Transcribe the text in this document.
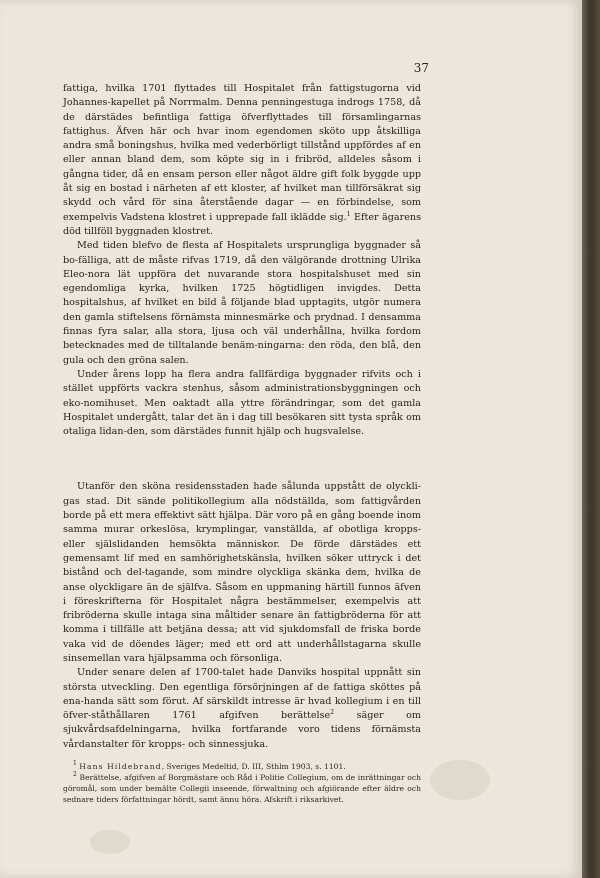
37

fattiga, hvilka 1701 flyttades till Hospitalet från fattigstugorna vid Johannes-kapellet på Norrmalm. Denna penningestuga indrogs 1758, då de därstädes befintliga fattiga öfverflyttades till församlingarnas fattighus. Äfven här och hvar inom egendomen sköto upp åtskilliga andra små boningshus, hvilka med vederbörligt tillstånd uppfördes af en eller annan bland dem, som köpte sig in i fribröd, alldeles såsom i gångna tider, då en ensam person eller något äldre gift folk byggde upp åt sig en bostad i närheten af ett kloster, af hvilket man tillförsäkrat sig skydd och vård för sina återstående dagar — en förbindelse, som exempelvis Vadstena klostret i upprepade fall ikläddе sig.$^1$ Efter ägarens död tillföll byggnaden klostret.

Med tiden blefvo de flesta af Hospitalets ursprungliga byggnader så bo-fälliga, att de måste rifvas 1719, då den välgörande drottning Ulrika Eleo-nora lät uppföra det nuvarande stora hospitalshuset med sin egendomliga kyrka, hvilken 1725 högtidligen invigdes. Detta hospitalshus, af hvilket en bild å följande blad upptagits, utgör numera den gamla stiftelsens förnämsta minnesmärke och prydnad. I densamma finnas fyra salar, alla stora, ljusa och väl underhållna, hvilka fordom betecknades med de tilltalande benäm-ningarna: den röda, den blå, den gula och den gröna salen.

Under årens lopp ha flera andra fallfärdiga byggnader rifvits och i stället uppförts vackra stenhus, såsom administrationsbyggningen och eko-nomihuset. Men oaktadt alla yttre förändringar, som det gamla Hospitalet undergått, talar det än i dag till besökaren sitt tysta språk om otaliga lidan-den, som därstädes funnit hjälp och hugsvalelse.

Utanför den sköna residensstaden hade sålunda uppstått de olyckli-gas stad. Dit sände politikollegium alla nödställda, som fattigvården borde på ett mera effektivt sätt hjälpa. Där voro på en gång boende inom samma murar orkeslösa, krymplingar, vanställda, af obotliga kropps- eller själslidanden hemsökta människor. De förde därstädes ett gemensamt lif med en samhörighetskänsla, hvilken söker uttryck i det bistånd och del-tagande, som mindre olyckliga skänka dem, hvilka de anse olyckligare än de själfva. Såsom en uppmaning härtill funnos äfven i föreskrifterna för Hospitalet några bestämmelser, exempelvis att fribröderna skulle intaga sina måltider senare än fattigbröderna för att komma i tillfälle att betjäna dessa; att vid sjukdomsfall de friska borde vaka vid de döendes läger; med ett ord att underhållstagarna skulle sinsemellan vara hjälpsamma och försonliga.

Under senare delen af 1700-talet hade Danviks hospital uppnått sin största utveckling. Den egentliga försörjningen af de fattiga sköttes på ena-handa sätt som förut. Af särskildt intresse är hvad kollegium i en till öfver-ståthållaren 1761 afgifven berättelse$^2$ säger om sjukvårdsafdelningarna, hvilka fortfarande voro tidens förnämsta vårdanstalter för kropps- och sinnessjuka.

$^1$ Hans Hildebrand, Sveriges Medeltid, D. III, Sthlm 1903, s. 1101.

$^2$ Berättelse, afgifven af Borgmästare och Råd i Politie Collegium, om de inrättningar och göromål, som under bemälte Collegii inseende, förwaltning och afgiörande efter äldre och sednare tiders författningar hördt, samt ännu höra. Afskrift i riksarkivet.
